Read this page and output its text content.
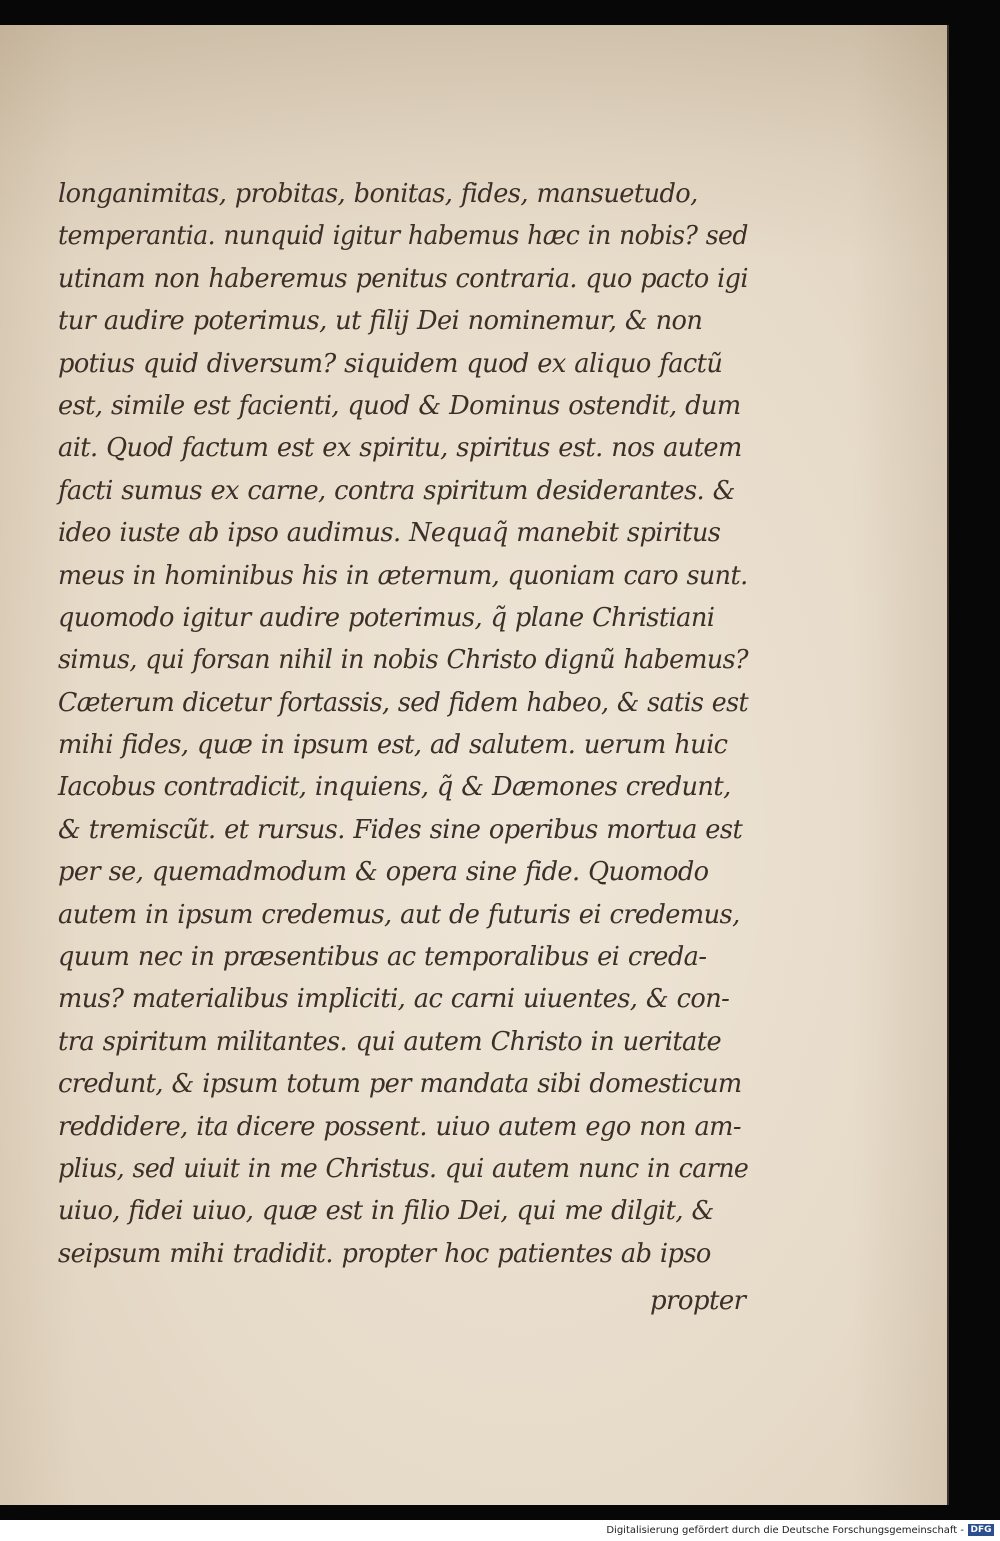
longanimitas, probitas, bonitas, fides, mansuetudo,
temperantia. nunquid igitur habemus hæc in nobis? sed
utinam non haberemus penitus contraria. quo pacto igi
tur audire poterimus, ut filij Dei nominemur, & non
potius quid diversum? siquidem quod ex aliquo factũ
est, simile est facienti, quod & Dominus ostendit, dum
ait. Quod factum est ex spiritu, spiritus est. nos autem
facti sumus ex carne, contra spiritum desiderantes. &
ideo iuste ab ipso audimus. Nequaq̃ manebit spiritus
meus in hominibus his in æternum, quoniam caro sunt.
quomodo igitur audire poterimus, q̃ plane Christiani
simus, qui forsan nihil in nobis Christo dignũ habemus?
Cæterum dicetur fortassis, sed fidem habeo, & satis est
mihi fides, quæ in ipsum est, ad salutem. uerum huic
Iacobus contradicit, inquiens, q̃ & Dæmones credunt,
& tremiscũt. et rursus. Fides sine operibus mortua est
per se, quemadmodum & opera sine fide. Quomodo
autem in ipsum credemus, aut de futuris ei credemus,
quum nec in præsentibus ac temporalibus ei creda-
mus? materialibus impliciti, ac carni uiuentes, & con-
tra spiritum militantes. qui autem Christo in ueritate
credunt, & ipsum totum per mandata sibi domesticum
reddidere, ita dicere possent. uiuo autem ego non am-
plius, sed uiuit in me Christus. qui autem nunc in carne
uiuo, fidei uiuo, quæ est in filio Dei, qui me dilgit, &
seipsum mihi tradidit. propter hoc patientes ab ipso
propter
Digitalisierung gefördert durch die Deutsche Forschungsgemeinschaft - DFG
